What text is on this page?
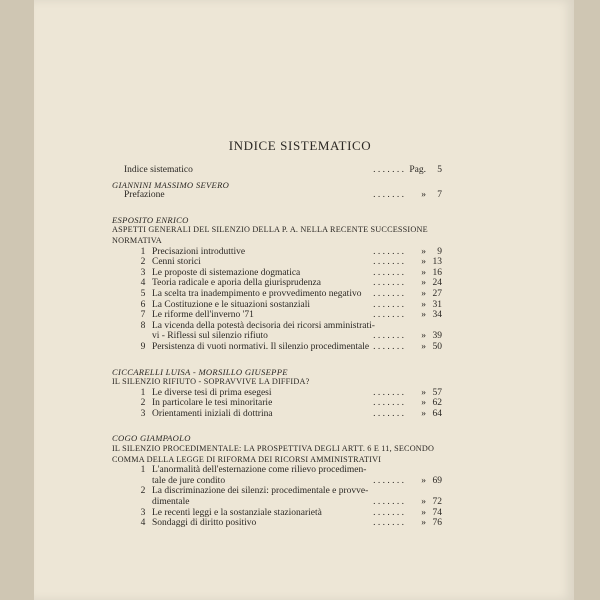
INDICE SISTEMATICO
Indice sistematico	. . . . . . . Pag.	5
GIANNINI MASSIMO SEVERO
Prefazione	. . . . . . . »	7
ESPOSITO ENRICO
ASPETTI GENERALI DEL SILENZIO DELLA P. A. NELLA RECENTE SUCCESSIONE
NORMATIVA
1 Precisazioni introduttive	. . . . . . . »	9
2 Cenni storici	. . . . . . . » 13
3 Le proposte di sistemazione dogmatica	. . . . . . . » 16
4 Teoria radicale e aporia della giurisprudenza	. . . . . . . » 24
5 La scelta tra inadempimento e provvedimento negativo . . . . . . . » 27
6 La Costituzione e le situazioni sostanziali	. . . . . . . » 31
7 Le riforme dell'inverno '71	. . . . . . . » 34
8 La vicenda della potestà decisoria dei ricorsi amministrati-
vi - Riflessi sul silenzio rifiuto	. . . . . . . » 39
9 Persistenza di vuoti normativi. Il silenzio procedimentale . . . . . . . » 50
CICCARELLI LUISA - MORSILLO GIUSEPPE
IL SILENZIO RIFIUTO - SOPRAVVIVE LA DIFFIDA?
1 Le diverse tesi di prima esegesi	. . . . . . . » 57
2 In particolare le tesi minoritarie	. . . . . . . » 62
3 Orientamenti iniziali di dottrina	. . . . . . . » 64
COGO GIAMPAOLO
IL SILENZIO PROCEDIMENTALE: LA PROSPETTIVA DEGLI ARTT. 6 E 11, SECONDO
COMMA DELLA LEGGE DI RIFORMA DEI RICORSI AMMINISTRATIVI
1 L'anormalità dell'esternazione come rilievo procedimen-
tale de jure condito	. . . . . . . » 69
2 La discriminazione dei silenzi: procedimentale e provve-
dimentale	. . . . . . . » 72
3 Le recenti leggi e la sostanziale stazionarietà	. . . . . . . » 74
4 Sondaggi di diritto positivo	. . . . . . . » 76
